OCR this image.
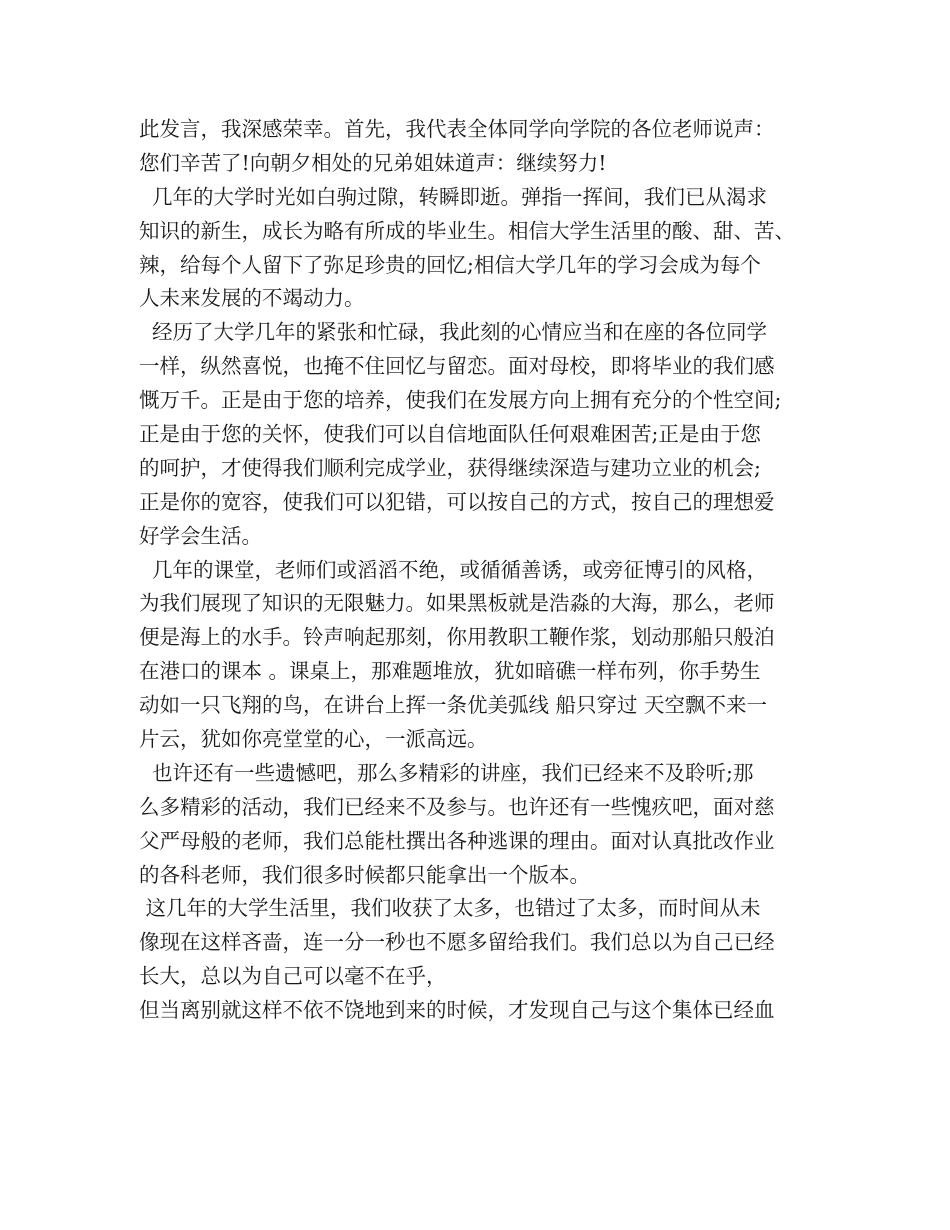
此发言，我深感荣幸。首先，我代表全体同学向学院的各位老师说声：
您们辛苦了!向朝夕相处的兄弟姐妹道声：继续努力!
几年的大学时光如白驹过隙，转瞬即逝。弹指一挥间，我们已从渴求
知识的新生，成长为略有所成的毕业生。相信大学生活里的酸、甜、苦、
辣，给每个人留下了弥足珍贵的回忆;相信大学几年的学习会成为每个
人未来发展的不竭动力。
经历了大学几年的紧张和忙碌，我此刻的心情应当和在座的各位同学
一样，纵然喜悦，也掩不住回忆与留恋。面对母校，即将毕业的我们感
慨万千。正是由于您的培养，使我们在发展方向上拥有充分的个性空间;
正是由于您的关怀，使我们可以自信地面队任何艰难困苦;正是由于您
的呵护，才使得我们顺利完成学业，获得继续深造与建功立业的机会;
正是你的宽容，使我们可以犯错，可以按自己的方式，按自己的理想爱
好学会生活。
几年的课堂，老师们或滔滔不绝，或循循善诱，或旁征博引的风格，
为我们展现了知识的无限魅力。如果黑板就是浩淼的大海，那么，老师
便是海上的水手。铃声响起那刻，你用教职工鞭作浆，划动那船只般泊
在港口的课本 。课桌上，那难题堆放，犹如暗礁一样布列，你手势生
动如一只飞翔的鸟，在讲台上挥一条优美弧线 船只穿过 天空飘不来一
片云，犹如你亮堂堂的心，一派高远。
也许还有一些遗憾吧，那么多精彩的讲座，我们已经来不及聆听;那
么多精彩的活动，我们已经来不及参与。也许还有一些愧疚吧，面对慈
父严母般的老师，我们总能杜撰出各种逃课的理由。面对认真批改作业
的各科老师，我们很多时候都只能拿出一个版本。
这几年的大学生活里，我们收获了太多，也错过了太多，而时间从未
像现在这样吝啬，连一分一秒也不愿多留给我们。我们总以为自己已经
长大，总以为自己可以毫不在乎，
但当离别就这样不依不饶地到来的时候，才发现自己与这个集体已经血
